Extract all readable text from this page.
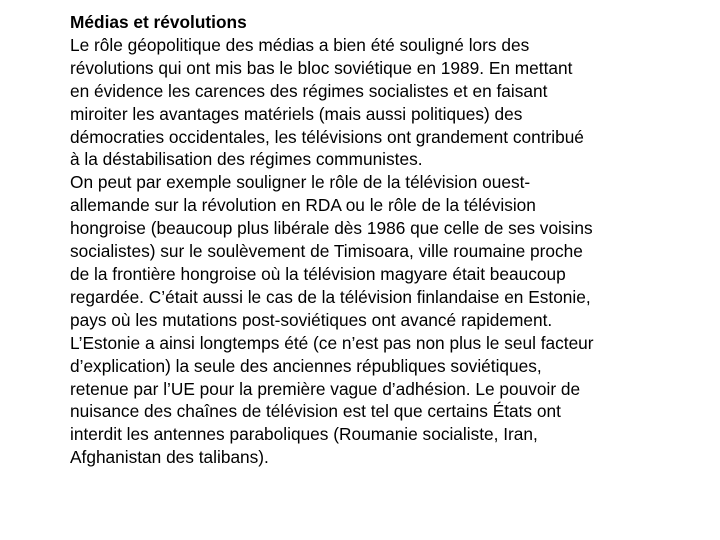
Médias et révolutions
Le rôle géopolitique des médias a bien été souligné lors des
révolutions qui ont mis bas le bloc soviétique en 1989. En mettant
en évidence les carences des régimes socialistes et en faisant
miroiter les avantages matériels (mais aussi politiques) des
démocraties occidentales, les télévisions ont grandement contribué
à la déstabilisation des régimes communistes.
On peut par exemple souligner le rôle de la télévision ouest-
allemande sur la révolution en RDA ou le rôle de la télévision
hongroise (beaucoup plus libérale dès 1986 que celle de ses voisins
socialistes) sur le soulèvement de Timisoara, ville roumaine proche
de la frontière hongroise où la télévision magyare était beaucoup
regardée. C’était aussi le cas de la télévision finlandaise en Estonie,
pays où les mutations post-soviétiques ont avancé rapidement.
L’Estonie a ainsi longtemps été (ce n’est pas non plus le seul facteur
d’explication) la seule des anciennes républiques soviétiques,
retenue par l’UE pour la première vague d’adhésion. Le pouvoir de
nuisance des chaînes de télévision est tel que certains États ont
interdit les antennes paraboliques (Roumanie socialiste, Iran,
Afghanistan des talibans).
